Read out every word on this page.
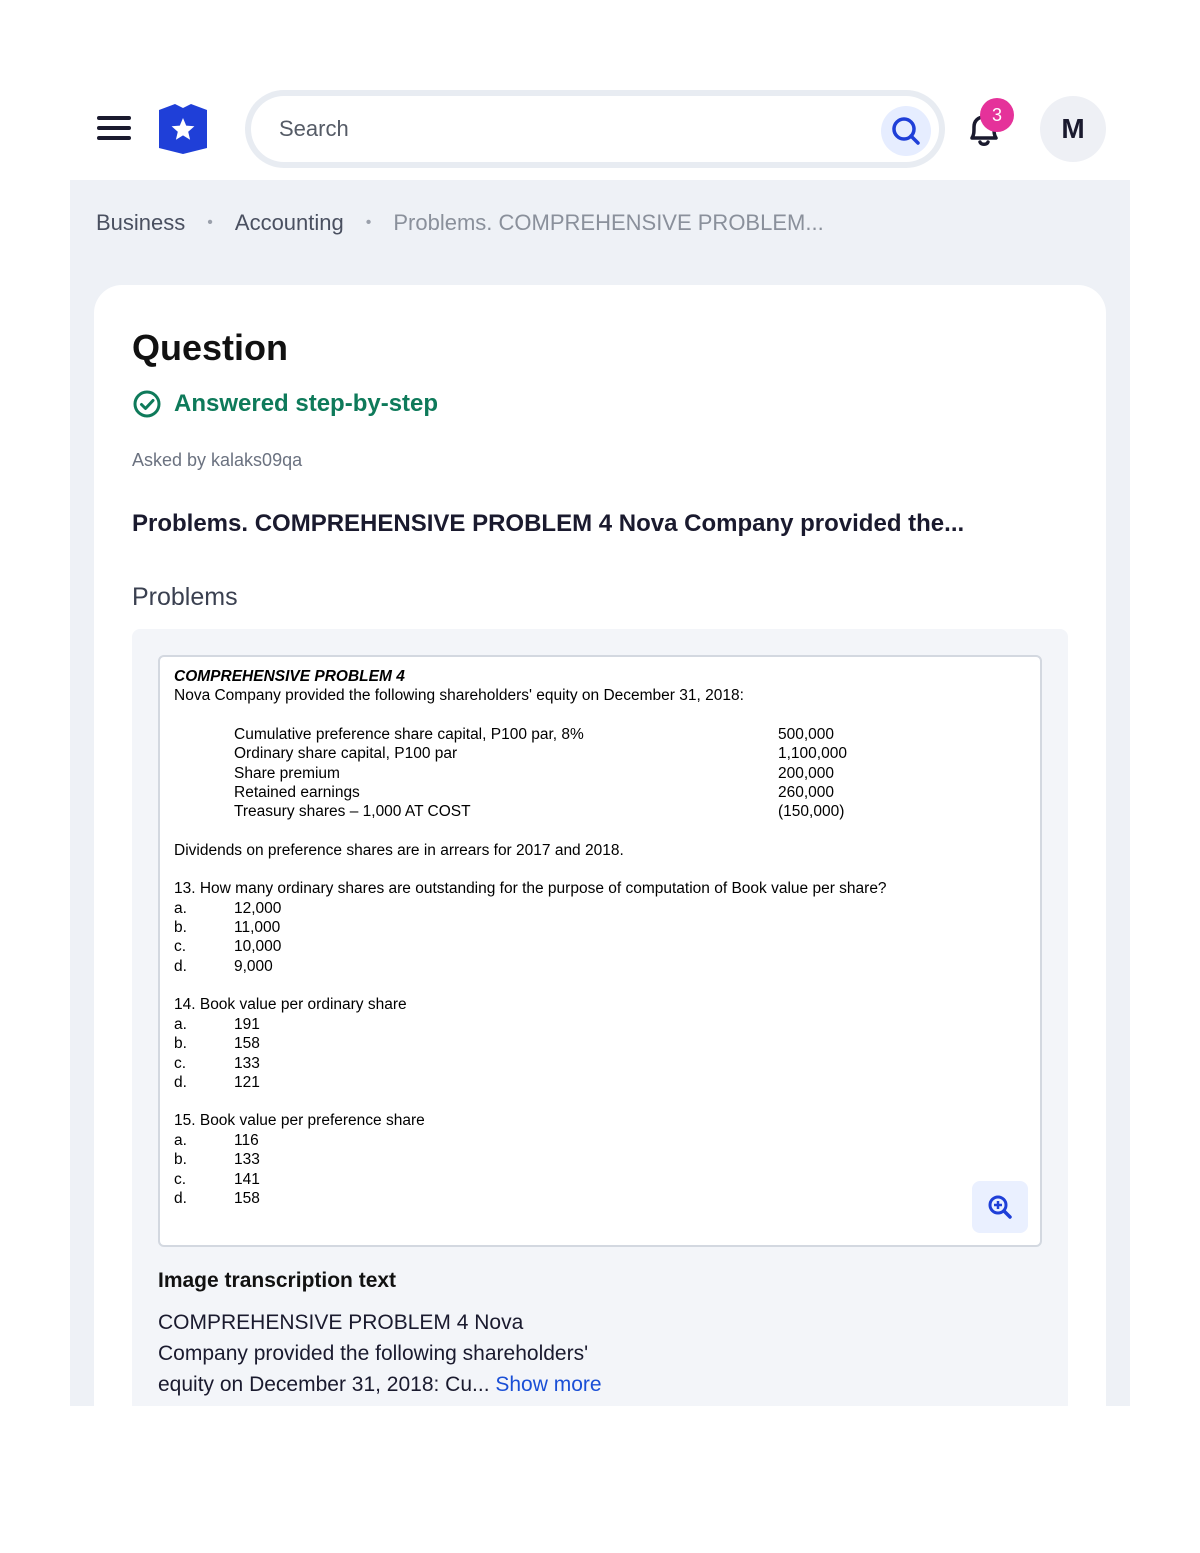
Search
3	M
Business • Accounting • Problems. COMPREHENSIVE PROBLEM...
Question
Answered step-by-step
Asked by kalaks09qa
Problems. COMPREHENSIVE PROBLEM 4 Nova Company provided the...
Problems
COMPREHENSIVE PROBLEM 4
Nova Company provided the following shareholders' equity on December 31, 2018:
Cumulative preference share capital, P100 par, 8%	500,000
Ordinary share capital, P100 par	1,100,000
Share premium	200,000
Retained earnings	260,000
Treasury shares – 1,000 AT COST	(150,000)
Dividends on preference shares are in arrears for 2017 and 2018.
13. How many ordinary shares are outstanding for the purpose of computation of Book value per share?
a.	12,000
b.	11,000
c.	10,000
d.	9,000
14. Book value per ordinary share
a.	191
b.	158
c.	133
d.	121
15. Book value per preference share
a.	116
b.	133
c.	141
d.	158
Image transcription text
COMPREHENSIVE PROBLEM 4 Nova
Company provided the following shareholders'
equity on December 31, 2018: Cu... Show more
